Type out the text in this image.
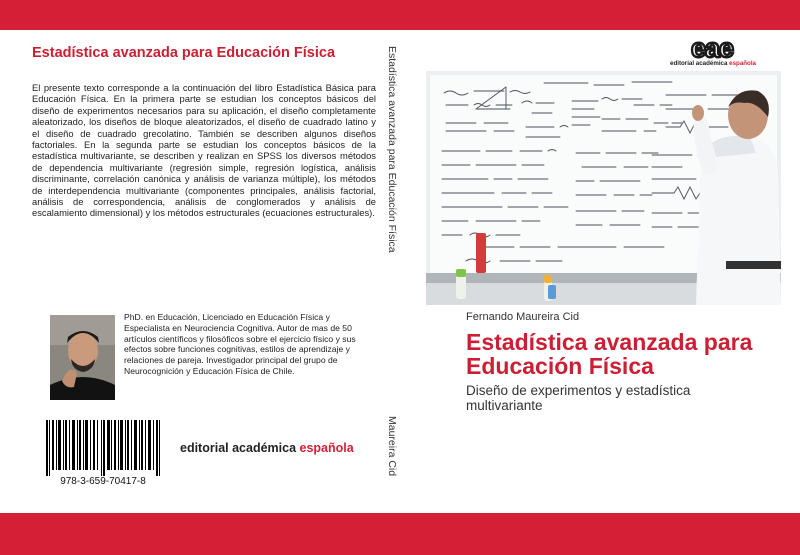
Estadística avanzada para Educación Física

El presente texto corresponde a la continuación del libro Estadística Básica para Educación Física. En la primera parte se estudian los conceptos básicos del diseño de experimentos necesarios para su aplicación, el diseño completamente aleatorizado, los diseños de bloque aleatorizados, el diseño de cuadrado latino y el diseño de cuadrado grecolatino. También se describen algunos diseños factoriales. En la segunda parte se estudian los conceptos básicos de la estadística multivariante, se describen y realizan en SPSS los diversos métodos de dependencia multivariante (regresión simple, regresión logística, análisis discriminante, correlación canónica y análisis de varianza múltiple), los métodos de interdependencia multivariante (componentes principales, análisis factorial, análisis de correspondencia, análisis de conglomerados y análisis de escalamiento dimensional) y los métodos estructurales (ecuaciones estructurales).

PhD. en Educación, Licenciado en Educación Física y Especialista en Neurociencia Cognitiva. Autor de mas de 50 artículos científicos y filosóficos sobre el ejercicio físico y sus efectos sobre funciones cognitivas, estilos de aprendizaje y relaciones de pareja. Investigador principal del grupo de Neurocognición y Educación Física de Chile.

978-3-659-70417-8
editorial académica española
Estadística avanzada para Educación Física
Maureira Cid
eae
editorial académica española
Fernando Maureira Cid
Estadística avanzada para Educación Física

Diseño de experimentos y estadística multivariante
